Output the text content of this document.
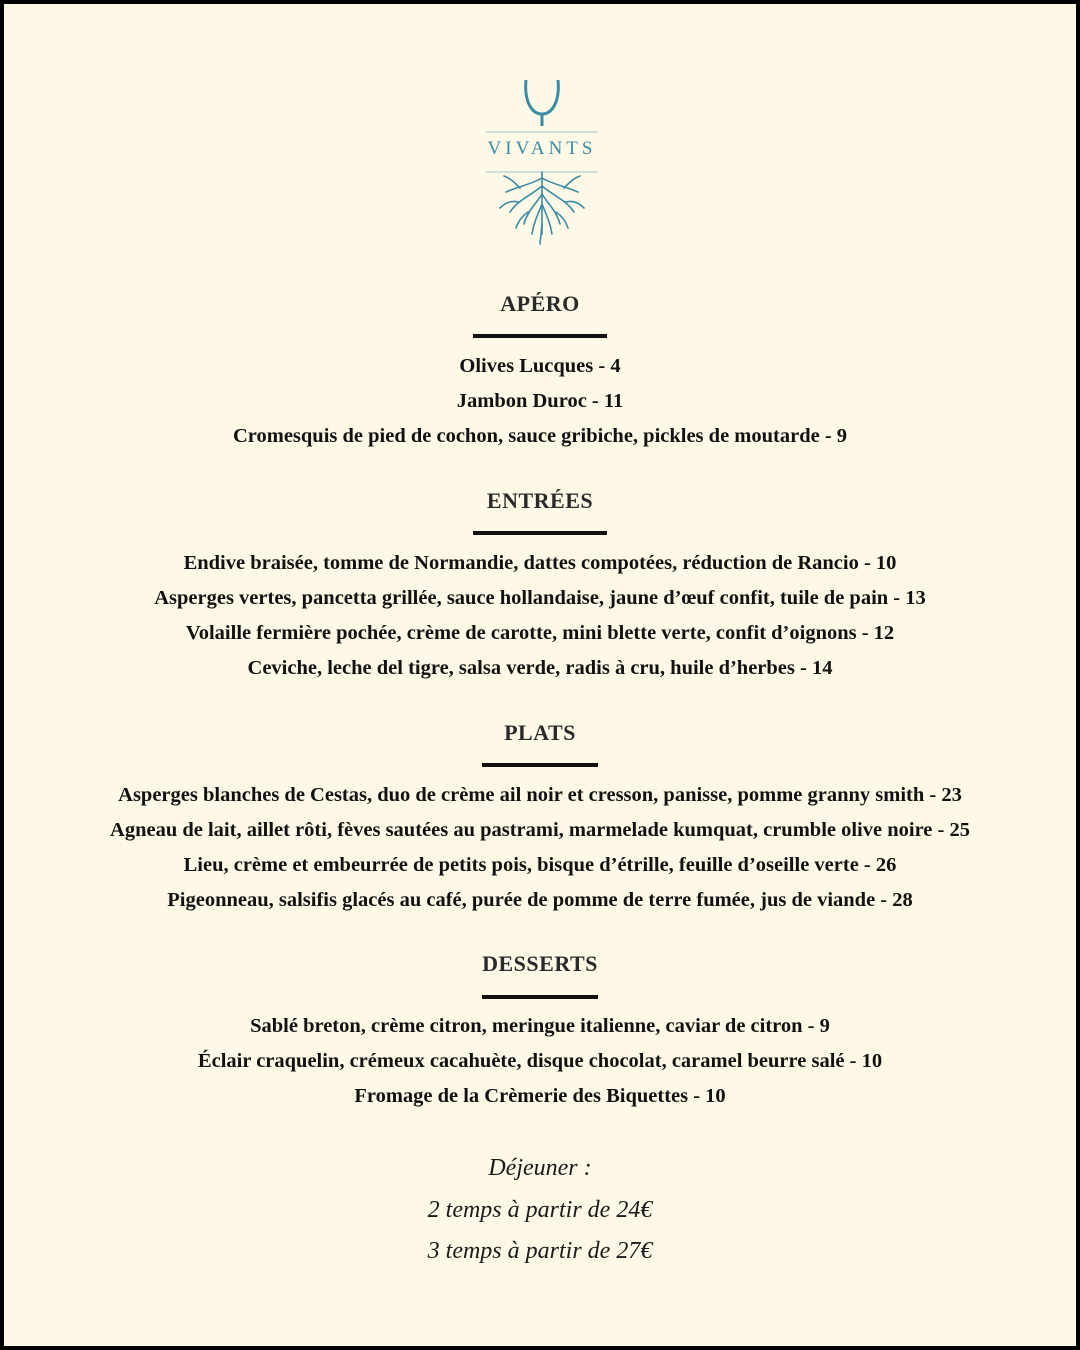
VIVANTS
APÉRO
Olives Lucques - 4
Jambon Duroc - 11
Cromesquis de pied de cochon, sauce gribiche, pickles de moutarde - 9
ENTRÉES
Endive braisée, tomme de Normandie, dattes compotées, réduction de Rancio - 10
Asperges vertes, pancetta grillée, sauce hollandaise, jaune d’œuf confit, tuile de pain - 13
Volaille fermière pochée, crème de carotte, mini blette verte, confit d’oignons - 12
Ceviche, leche del tigre, salsa verde, radis à cru, huile d’herbes - 14
PLATS
Asperges blanches de Cestas, duo de crème ail noir et cresson, panisse, pomme granny smith - 23
Agneau de lait, aillet rôti, fèves sautées au pastrami, marmelade kumquat, crumble olive noire - 25
Lieu, crème et embeurrée de petits pois, bisque d’étrille, feuille d’oseille verte - 26
Pigeonneau, salsifis glacés au café, purée de pomme de terre fumée, jus de viande - 28
DESSERTS
Sablé breton, crème citron, meringue italienne, caviar de citron - 9
Éclair craquelin, crémeux cacahuète, disque chocolat, caramel beurre salé - 10
Fromage de la Crèmerie des Biquettes - 10
Déjeuner :
2 temps à partir de 24€
3 temps à partir de 27€
